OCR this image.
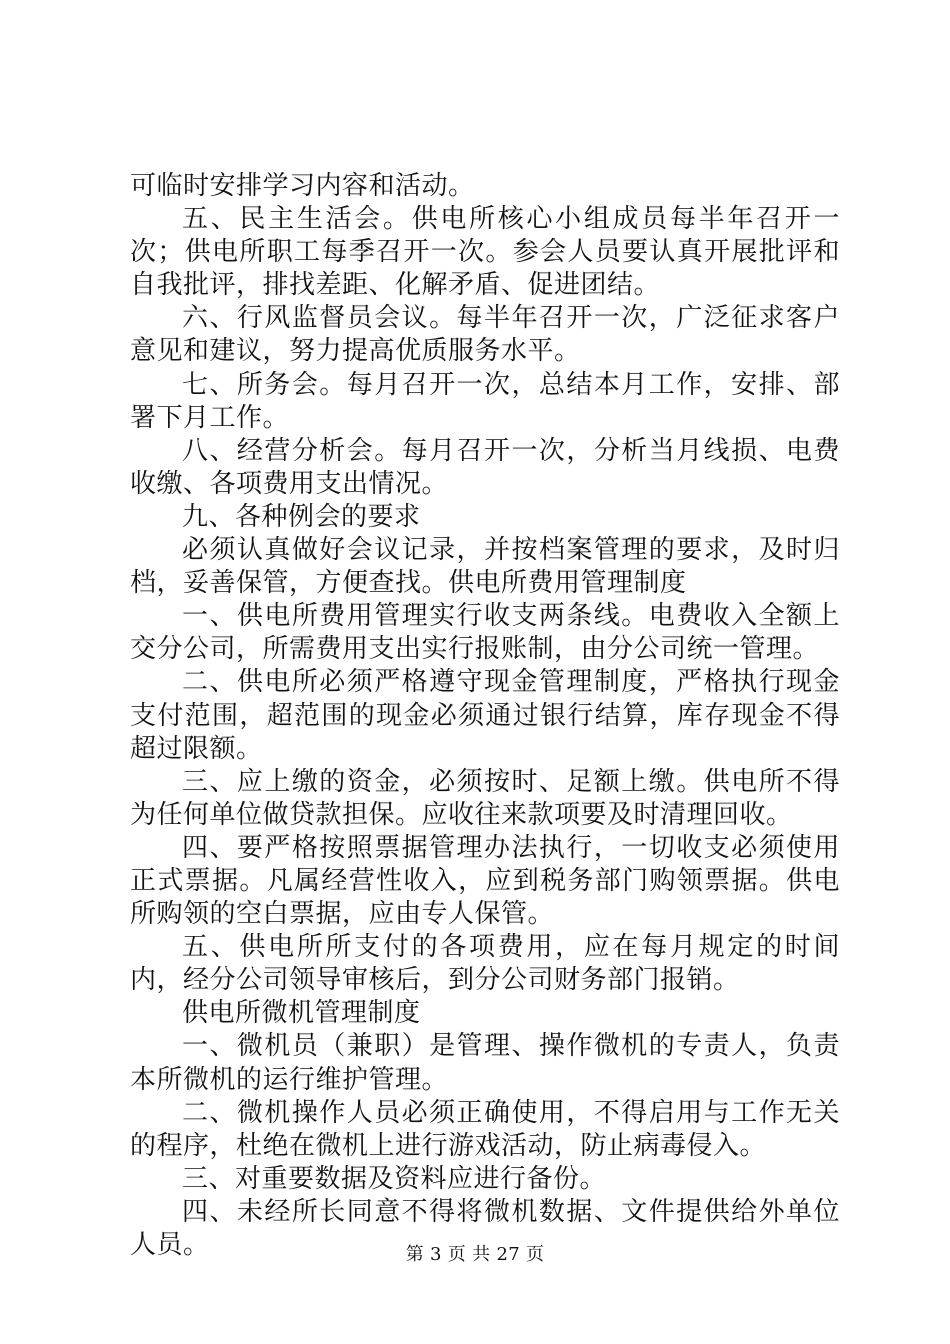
可临时安排学习内容和活动。

五、民主生活会。供电所核心小组成员每半年召开一次；供电所职工每季召开一次。参会人员要认真开展批评和自我批评，排找差距、化解矛盾、促进团结。

六、行风监督员会议。每半年召开一次，广泛征求客户意见和建议，努力提高优质服务水平。

七、所务会。每月召开一次，总结本月工作，安排、部署下月工作。

八、经营分析会。每月召开一次，分析当月线损、电费收缴、各项费用支出情况。

九、各种例会的要求

必须认真做好会议记录，并按档案管理的要求，及时归档，妥善保管，方便查找。供电所费用管理制度

一、供电所费用管理实行收支两条线。电费收入全额上交分公司，所需费用支出实行报账制，由分公司统一管理。

二、供电所必须严格遵守现金管理制度，严格执行现金支付范围，超范围的现金必须通过银行结算，库存现金不得超过限额。

三、应上缴的资金，必须按时、足额上缴。供电所不得为任何单位做贷款担保。应收往来款项要及时清理回收。

四、要严格按照票据管理办法执行，一切收支必须使用正式票据。凡属经营性收入，应到税务部门购领票据。供电所购领的空白票据，应由专人保管。

五、供电所所支付的各项费用，应在每月规定的时间内，经分公司领导审核后，到分公司财务部门报销。

供电所微机管理制度

一、微机员（兼职）是管理、操作微机的专责人，负责本所微机的运行维护管理。

二、微机操作人员必须正确使用，不得启用与工作无关的程序，杜绝在微机上进行游戏活动，防止病毒侵入。

三、对重要数据及资料应进行备份。

四、未经所长同意不得将微机数据、文件提供给外单位人员。	第 3 页 共 27 页
